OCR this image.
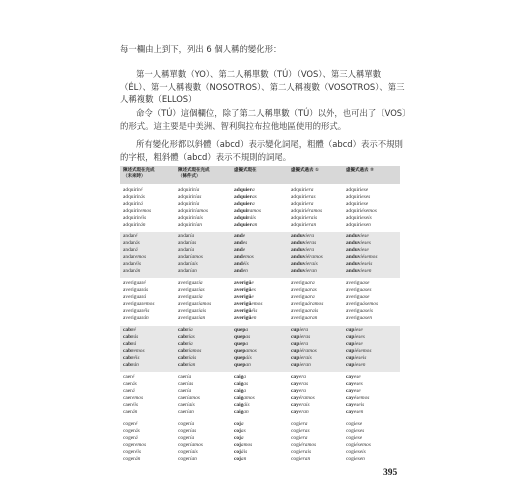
每一欄由上到下，列出 6 個人稱的變化形：

第一人稱單數（YO）、第二人稱單數（TÚ）（VOS）、第三人稱單數（ÉL）、第一人稱複數（NOSOTROS）、第二人稱複數（VOSOTROS）、第三人稱複數（ELLOS）

命令（TÚ）這個欄位，除了第二人稱單數（TÚ）以外，也可出了〔VOS〕的形式。這主要是中美洲、智利與拉布拉他地區使用的形式。

所有變化形都以斜體（abcd）表示變化詞尾，粗體（abcd）表示不規則的字根，粗斜體（abcd）表示不規則的詞尾。

陳述式現在完成
（未來時）
陳述式現在完成
（條件式）
虛擬式現在	虛擬式過去 ①	虛擬式過去 ②
adquiriré
adquirirás
adquirirá
adquiriremos
adquiriréis
adquirirán
adquiriría
adquirirías
adquiriría
adquiriríamos
adquiriríais
adquirirían
adquiera
adquieras
adquiera
adquiramos
adquiráis
adquieran
adquiriera
adquirieras
adquiriera
adquiriéramos
adquirierais
adquirieran
adquiriese
adquirieses
adquiriese
adquiriésemos
adquirieseis
adquiriesen
andaré
andarás
andará
andaremos
andaréis
andarán
andaría
andarías
andaría
andaríamos
andaríais
andarían
ande
andes
ande
andemos
andéis
anden
anduviera
anduvieras
anduviera
anduviéramos
anduvierais
anduvieran
anduviese
anduvieses
anduviese
anduviésemos
anduvieseis
anduviesen
averiguaré
averiguarás
averiguará
averiguaremos
averiguaréis
averiguarán
averiguaría
averiguarías
averiguaría
averiguaríamos
averiguaríais
averiguarían
averigüe
averigües
averigüe
averigüemos
averigüéis
averigüen
averiguara
averiguaras
averiguara
averiguáramos
averiguarais
averiguaran
averiguase
averiguases
averiguase
averiguásemos
averiguaseis
averiguasen
cabré
cabrás
cabrá
cabremos
cabréis
cabrán
cabría
cabrías
cabría
cabríamos
cabríais
cabrían
quepa
quepas
quepa
quepamos
quepáis
quepan
cupiera
cupieras
cupiera
cupiéramos
cupierais
cupieran
cupiese
cupieses
cupiese
cupiésemos
cupieseis
cupiesen
caeré
caerás
caerá
caeremos
caeréis
caerán
caería
caerías
caería
caeríamos
caeríais
caerían
caiga
caigas
caiga
caigamos
caigáis
caigan
cayera
cayeras
cayera
cayéramos
cayerais
cayeran
cayese
cayeses
cayese
cayésemos
cayeseis
cayesen
cogeré
cogerás
cogerá
cogeremos
cogeréis
cogerán
cogería
cogerías
cogería
cogeríamos
cogeríais
cogerían
coja
cojas
coja
cojamos
cojáis
cojan
cogiera
cogieras
cogiera
cogiéramos
cogierais
cogieran
cogiese
cogieses
cogiese
cogiésemos
cogieseis
cogiesen
395
